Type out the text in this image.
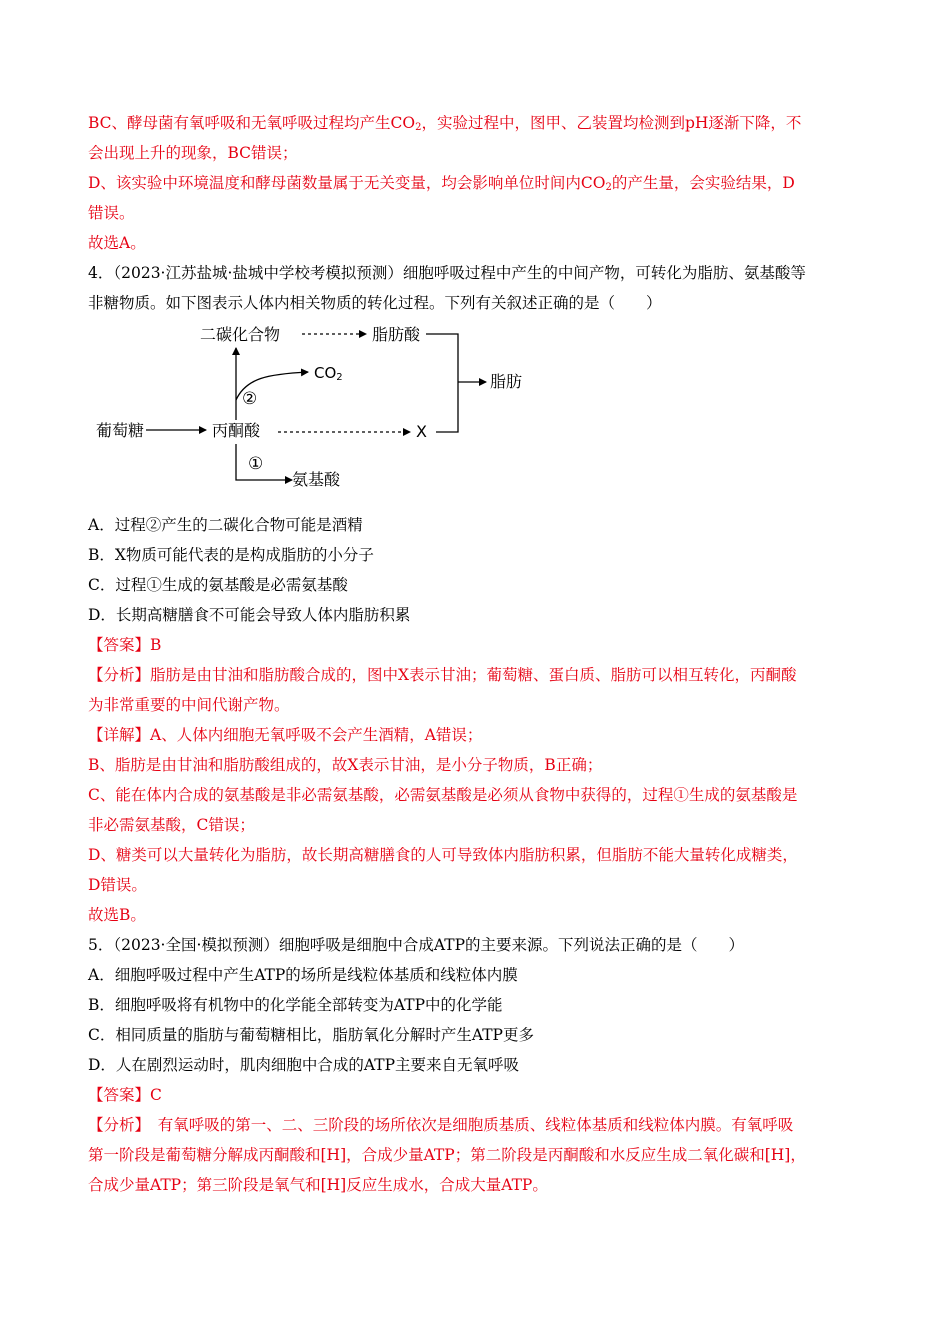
BC、酵母菌有氧呼吸和无氧呼吸过程均产生$CO_2$，实验过程中，图甲、乙装置均检测到pH逐渐下降，不
会出现上升的现象，BC错误；
D、该实验中环境温度和酵母菌数量属于无关变量，均会影响单位时间内$CO_2$的产生量，会实验结果，D
错误。
故选A。
4．（2023·江苏盐城·盐城中学校考模拟预测）细胞呼吸过程中产生的中间产物，可转化为脂肪、氨基酸等
非糖物质。如下图表示人体内相关物质的转化过程。下列有关叙述正确的是（　　）
葡萄糖	丙酮酸
二碳化合物	脂肪酸
脂肪
$CO_2$
X
氨基酸
②
①
A．过程②产生的二碳化合物可能是酒精
B．X物质可能代表的是构成脂肪的小分子
C．过程①生成的氨基酸是必需氨基酸
D．长期高糖膳食不可能会导致人体内脂肪积累
【答案】B
【分析】脂肪是由甘油和脂肪酸合成的，图中X表示甘油；葡萄糖、蛋白质、脂肪可以相互转化，丙酮酸
为非常重要的中间代谢产物。
【详解】A、人体内细胞无氧呼吸不会产生酒精，A错误；
B、脂肪是由甘油和脂肪酸组成的，故X表示甘油，是小分子物质，B正确；
C、能在体内合成的氨基酸是非必需氨基酸，必需氨基酸是必须从食物中获得的，过程①生成的氨基酸是
非必需氨基酸，C错误；
D、糖类可以大量转化为脂肪，故长期高糖膳食的人可导致体内脂肪积累，但脂肪不能大量转化成糖类，
D错误。
故选B。
5．（2023·全国·模拟预测）细胞呼吸是细胞中合成ATP的主要来源。下列说法正确的是（　　）
A．细胞呼吸过程中产生ATP的场所是线粒体基质和线粒体内膜
B．细胞呼吸将有机物中的化学能全部转变为ATP中的化学能
C．相同质量的脂肪与葡萄糖相比，脂肪氧化分解时产生ATP更多
D．人在剧烈运动时，肌肉细胞中合成的ATP主要来自无氧呼吸
【答案】C
【分析】　有氧呼吸的第一、二、三阶段的场所依次是细胞质基质、线粒体基质和线粒体内膜。有氧呼吸
第一阶段是葡萄糖分解成丙酮酸和[H]，合成少量ATP；第二阶段是丙酮酸和水反应生成二氧化碳和[H]，
合成少量ATP；第三阶段是氧气和[H]反应生成水，合成大量ATP。
